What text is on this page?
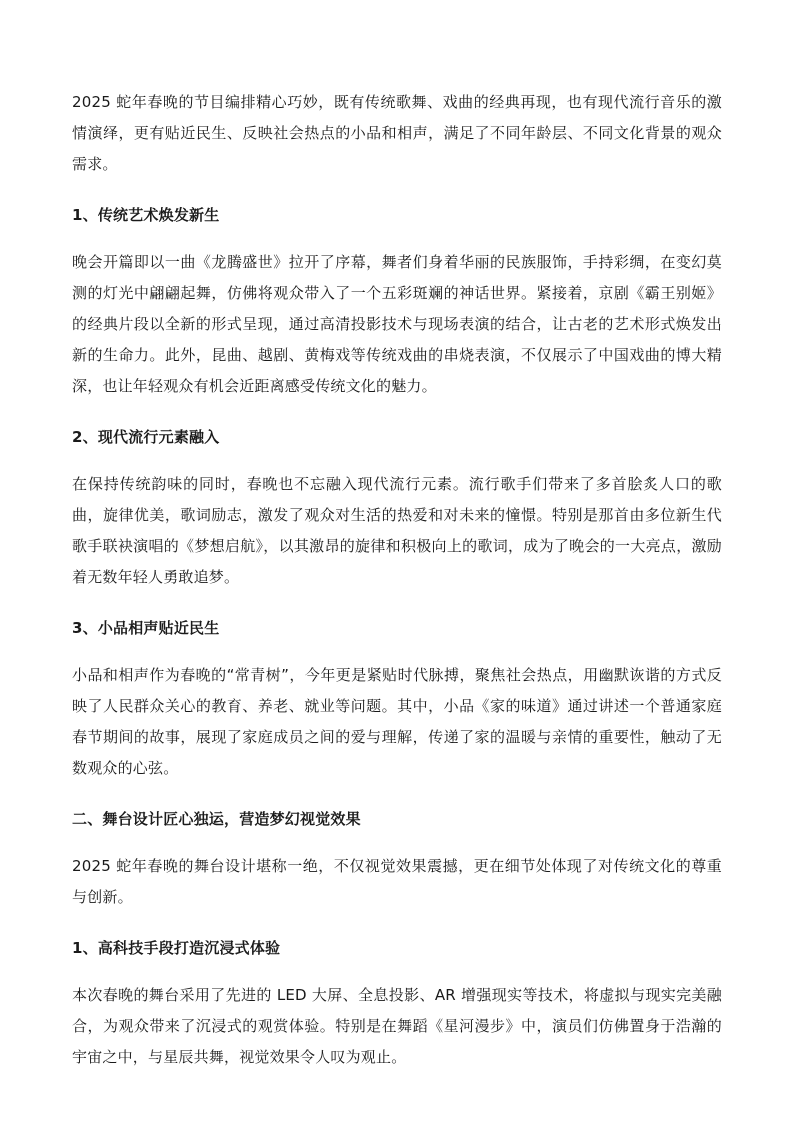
2025 蛇年春晚的节目编排精心巧妙，既有传统歌舞、戏曲的经典再现，也有现代流行音乐的激情演绎，更有贴近民生、反映社会热点的小品和相声，满足了不同年龄层、不同文化背景的观众需求。

1、传统艺术焕发新生

晚会开篇即以一曲《龙腾盛世》拉开了序幕，舞者们身着华丽的民族服饰，手持彩绸，在变幻莫测的灯光中翩翩起舞，仿佛将观众带入了一个五彩斑斓的神话世界。紧接着，京剧《霸王别姬》的经典片段以全新的形式呈现，通过高清投影技术与现场表演的结合，让古老的艺术形式焕发出新的生命力。此外，昆曲、越剧、黄梅戏等传统戏曲的串烧表演，不仅展示了中国戏曲的博大精深，也让年轻观众有机会近距离感受传统文化的魅力。

2、现代流行元素融入

在保持传统韵味的同时，春晚也不忘融入现代流行元素。流行歌手们带来了多首脍炙人口的歌曲，旋律优美，歌词励志，激发了观众对生活的热爱和对未来的憧憬。特别是那首由多位新生代歌手联袂演唱的《梦想启航》，以其激昂的旋律和积极向上的歌词，成为了晚会的一大亮点，激励着无数年轻人勇敢追梦。

3、小品相声贴近民生

小品和相声作为春晚的“常青树”，今年更是紧贴时代脉搏，聚焦社会热点，用幽默诙谐的方式反映了人民群众关心的教育、养老、就业等问题。其中，小品《家的味道》通过讲述一个普通家庭春节期间的故事，展现了家庭成员之间的爱与理解，传递了家的温暖与亲情的重要性，触动了无数观众的心弦。

二、舞台设计匠心独运，营造梦幻视觉效果

2025 蛇年春晚的舞台设计堪称一绝，不仅视觉效果震撼，更在细节处体现了对传统文化的尊重与创新。

1、高科技手段打造沉浸式体验

本次春晚的舞台采用了先进的 LED 大屏、全息投影、AR 增强现实等技术，将虚拟与现实完美融合，为观众带来了沉浸式的观赏体验。特别是在舞蹈《星河漫步》中，演员们仿佛置身于浩瀚的宇宙之中，与星辰共舞，视觉效果令人叹为观止。
